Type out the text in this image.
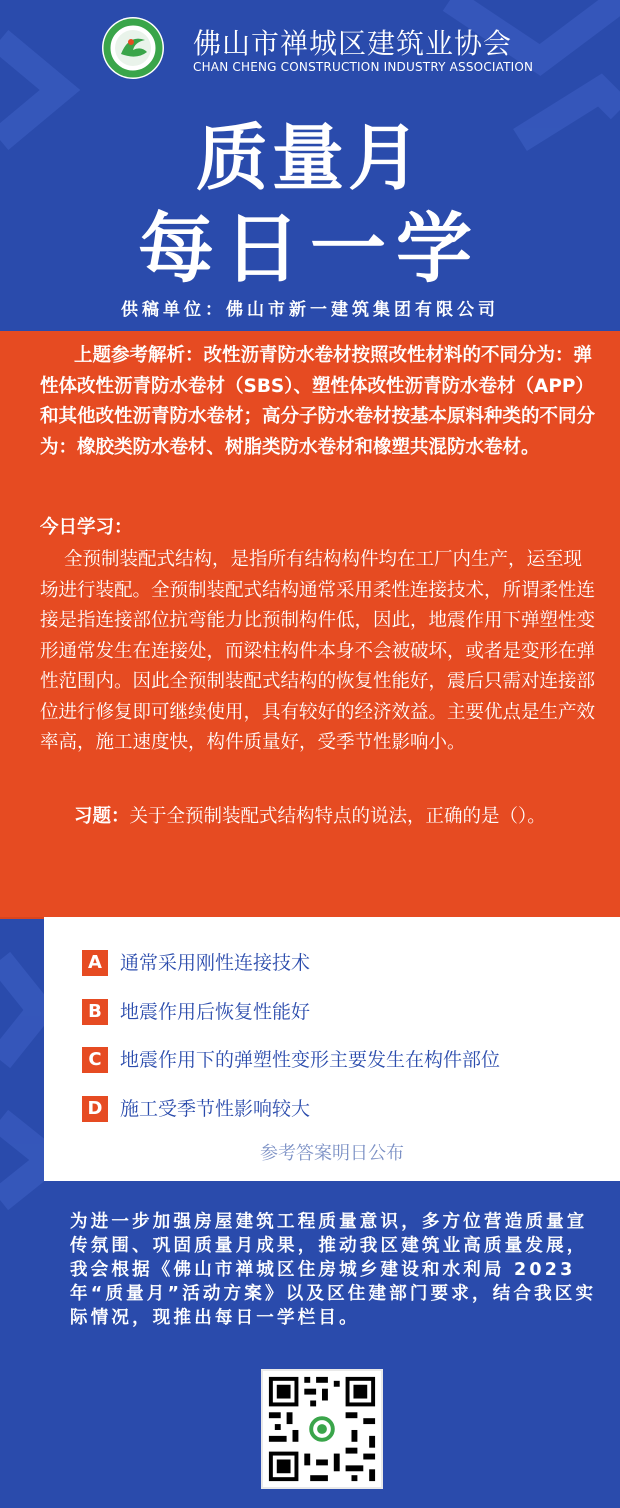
佛山市禅城区建筑业协会
CHAN CHENG CONSTRUCTION INDUSTRY ASSOCIATION
质量月
每日一学
供稿单位：佛山市新一建筑集团有限公司
上题参考解析：改性沥青防水卷材按照改性材料的不同分为：弹性体改性沥青防水卷材（SBS）、塑性体改性沥青防水卷材（APP）和其他改性沥青防水卷材；高分子防水卷材按基本原料种类的不同分为：橡胶类防水卷材、树脂类防水卷材和橡塑共混防水卷材。
今日学习：
全预制装配式结构，是指所有结构构件均在工厂内生产，运至现场进行装配。全预制装配式结构通常采用柔性连接技术，所谓柔性连接是指连接部位抗弯能力比预制构件低，因此，地震作用下弹塑性变形通常发生在连接处，而梁柱构件本身不会被破坏，或者是变形在弹性范围内。因此全预制装配式结构的恢复性能好，震后只需对连接部位进行修复即可继续使用，具有较好的经济效益。主要优点是生产效率高，施工速度快，构件质量好，受季节性影响小。
习题：关于全预制装配式结构特点的说法，正确的是（）。
A 通常采用刚性连接技术
B 地震作用后恢复性能好
C 地震作用下的弹塑性变形主要发生在构件部位
D 施工受季节性影响较大
参考答案明日公布
为进一步加强房屋建筑工程质量意识，多方位营造质量宣传氛围、巩固质量月成果，推动我区建筑业高质量发展，我会根据《佛山市禅城区住房城乡建设和水利局 2023 年“质量月”活动方案》以及区住建部门要求，结合我区实际情况，现推出每日一学栏目。
